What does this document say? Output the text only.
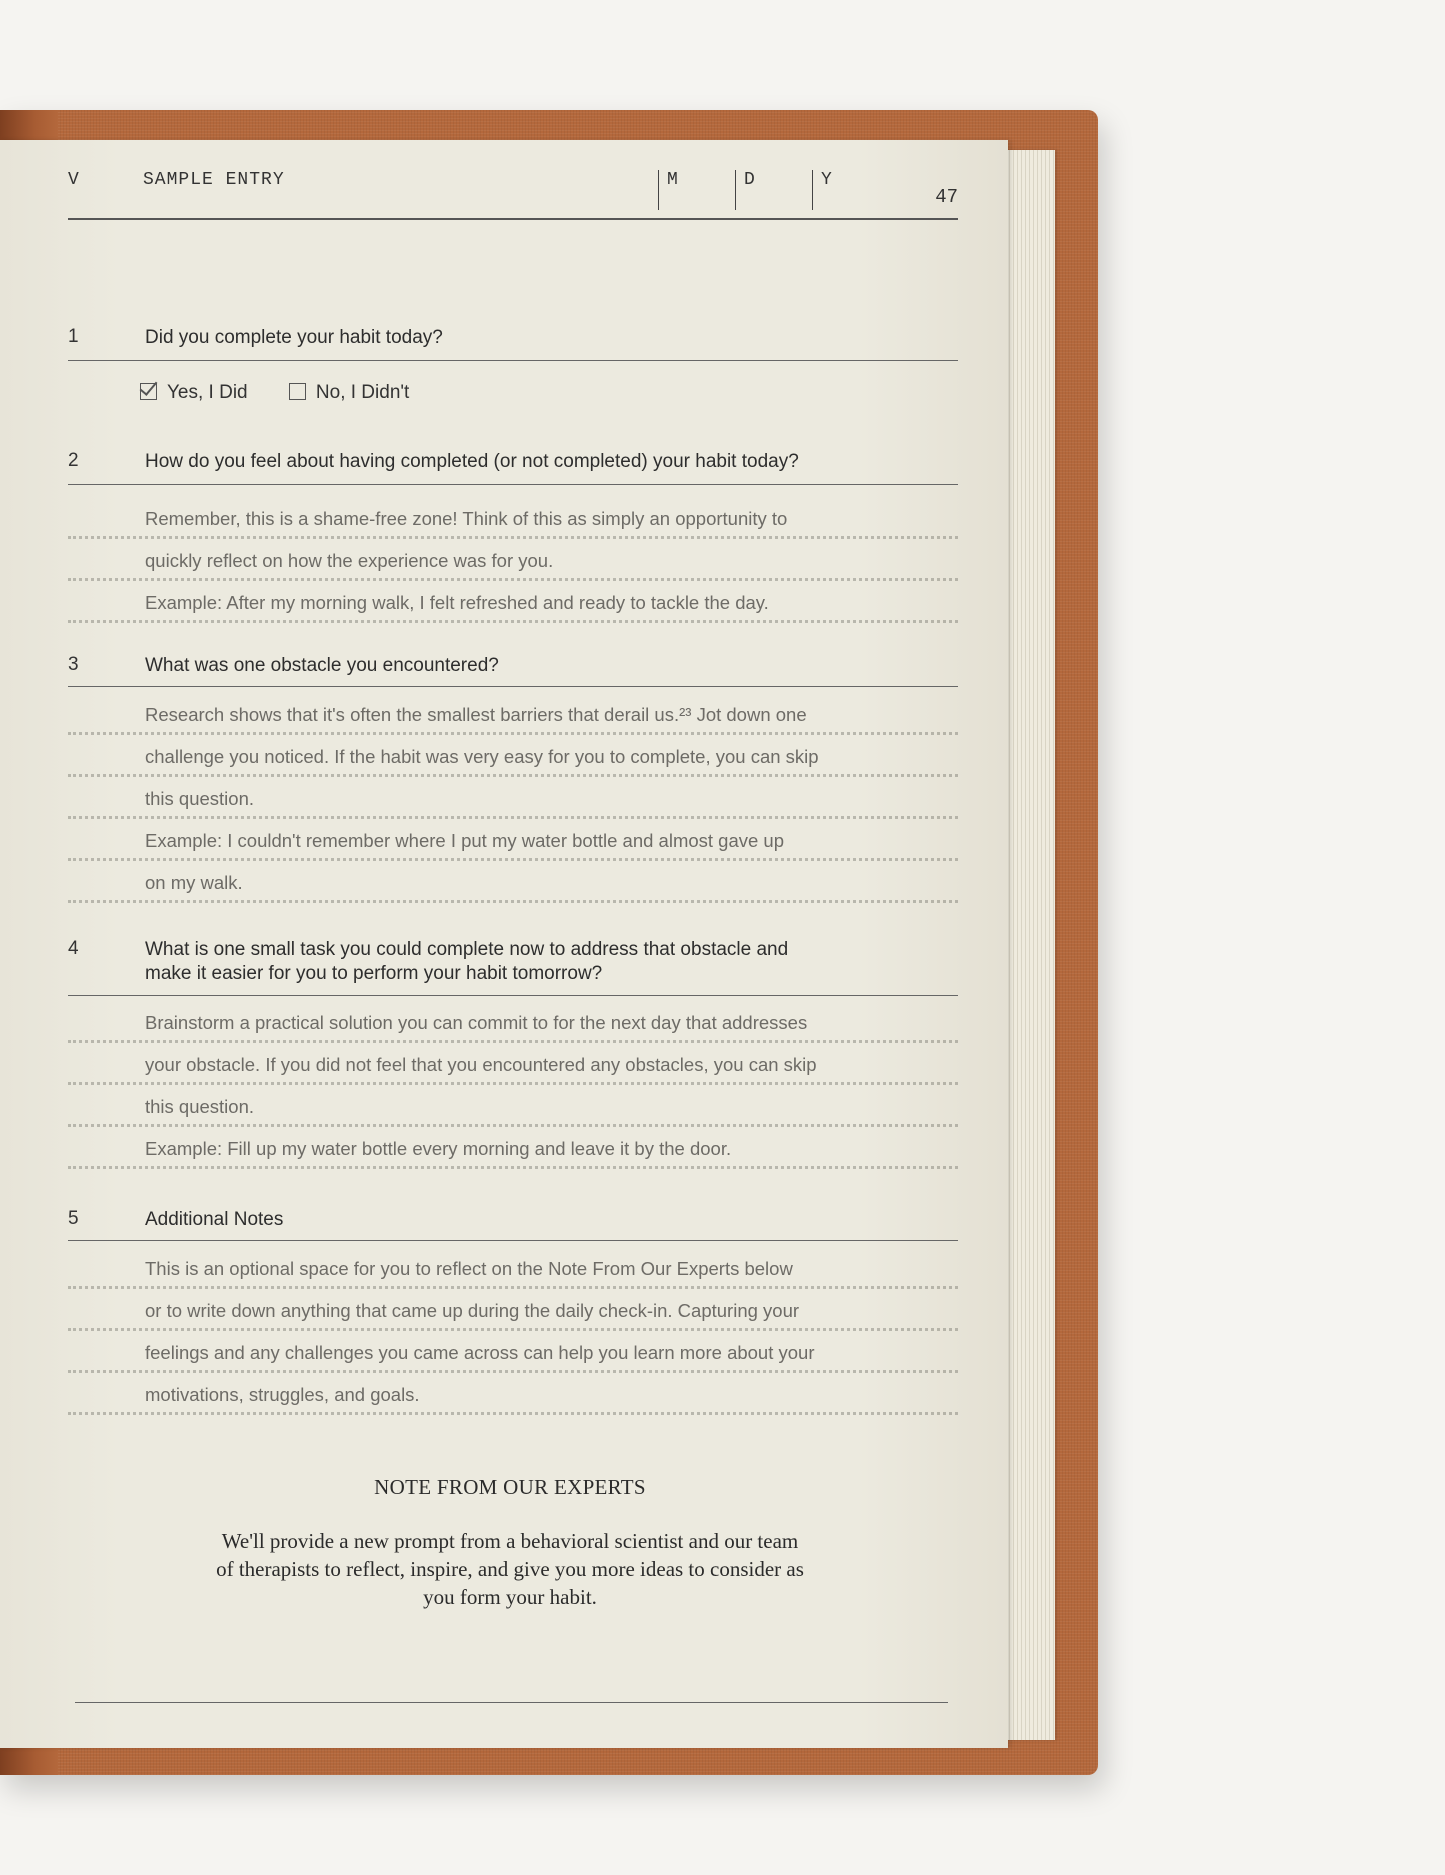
V	SAMPLE ENTRY	M	D	Y
47
1	Did you complete your habit today?
Yes, I Did	No, I Didn't
2	How do you feel about having completed (or not completed) your habit today?
Remember, this is a shame-free zone! Think of this as simply an opportunity to
quickly reflect on how the experience was for you.
Example: After my morning walk, I felt refreshed and ready to tackle the day.
3	What was one obstacle you encountered?
Research shows that it's often the smallest barriers that derail us.²³ Jot down one
challenge you noticed. If the habit was very easy for you to complete, you can skip
this question.
Example: I couldn't remember where I put my water bottle and almost gave up
on my walk.
4	What is one small task you could complete now to address that obstacle and
make it easier for you to perform your habit tomorrow?
Brainstorm a practical solution you can commit to for the next day that addresses
your obstacle. If you did not feel that you encountered any obstacles, you can skip
this question.
Example: Fill up my water bottle every morning and leave it by the door.
5	Additional Notes
This is an optional space for you to reflect on the Note From Our Experts below
or to write down anything that came up during the daily check-in. Capturing your
feelings and any challenges you came across can help you learn more about your
motivations, struggles, and goals.
NOTE FROM OUR EXPERTS
We'll provide a new prompt from a behavioral scientist and our team of therapists to reflect, inspire, and give you more ideas to consider as you form your habit.
